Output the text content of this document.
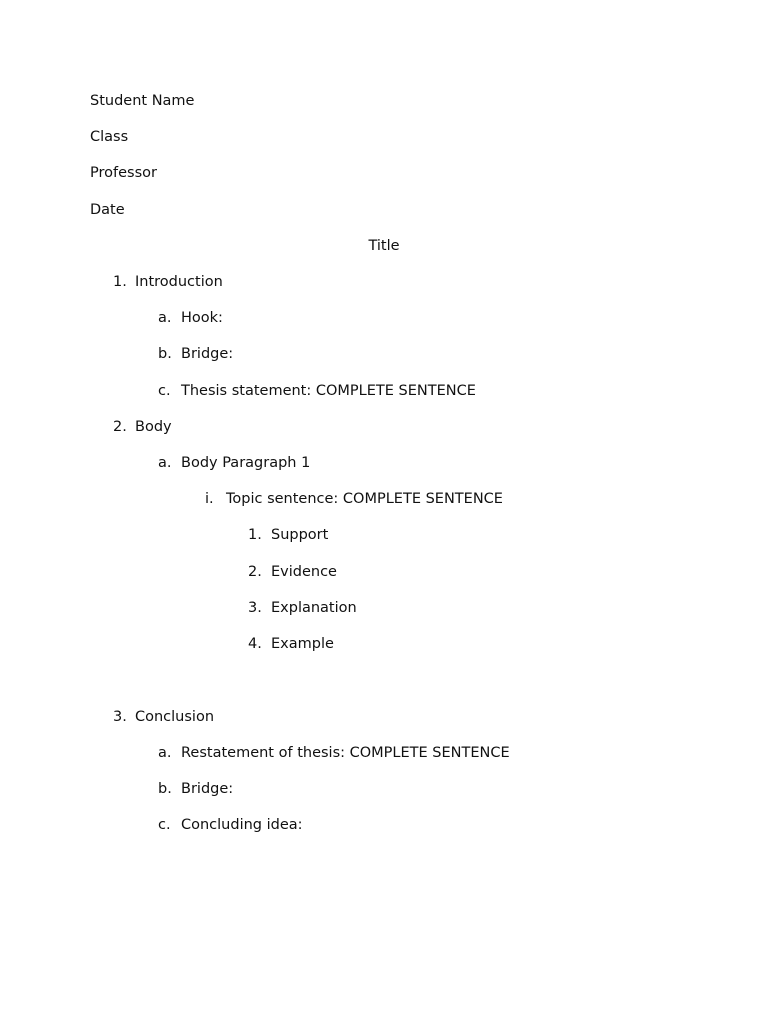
Student Name
Class
Professor
Date
Title
1. Introduction
a. Hook:
b. Bridge:
c. Thesis statement: COMPLETE SENTENCE
2. Body
a. Body Paragraph 1
i. Topic sentence: COMPLETE SENTENCE
1. Support
2. Evidence
3. Explanation
4. Example
3. Conclusion
a. Restatement of thesis: COMPLETE SENTENCE
b. Bridge:
c. Concluding idea:
